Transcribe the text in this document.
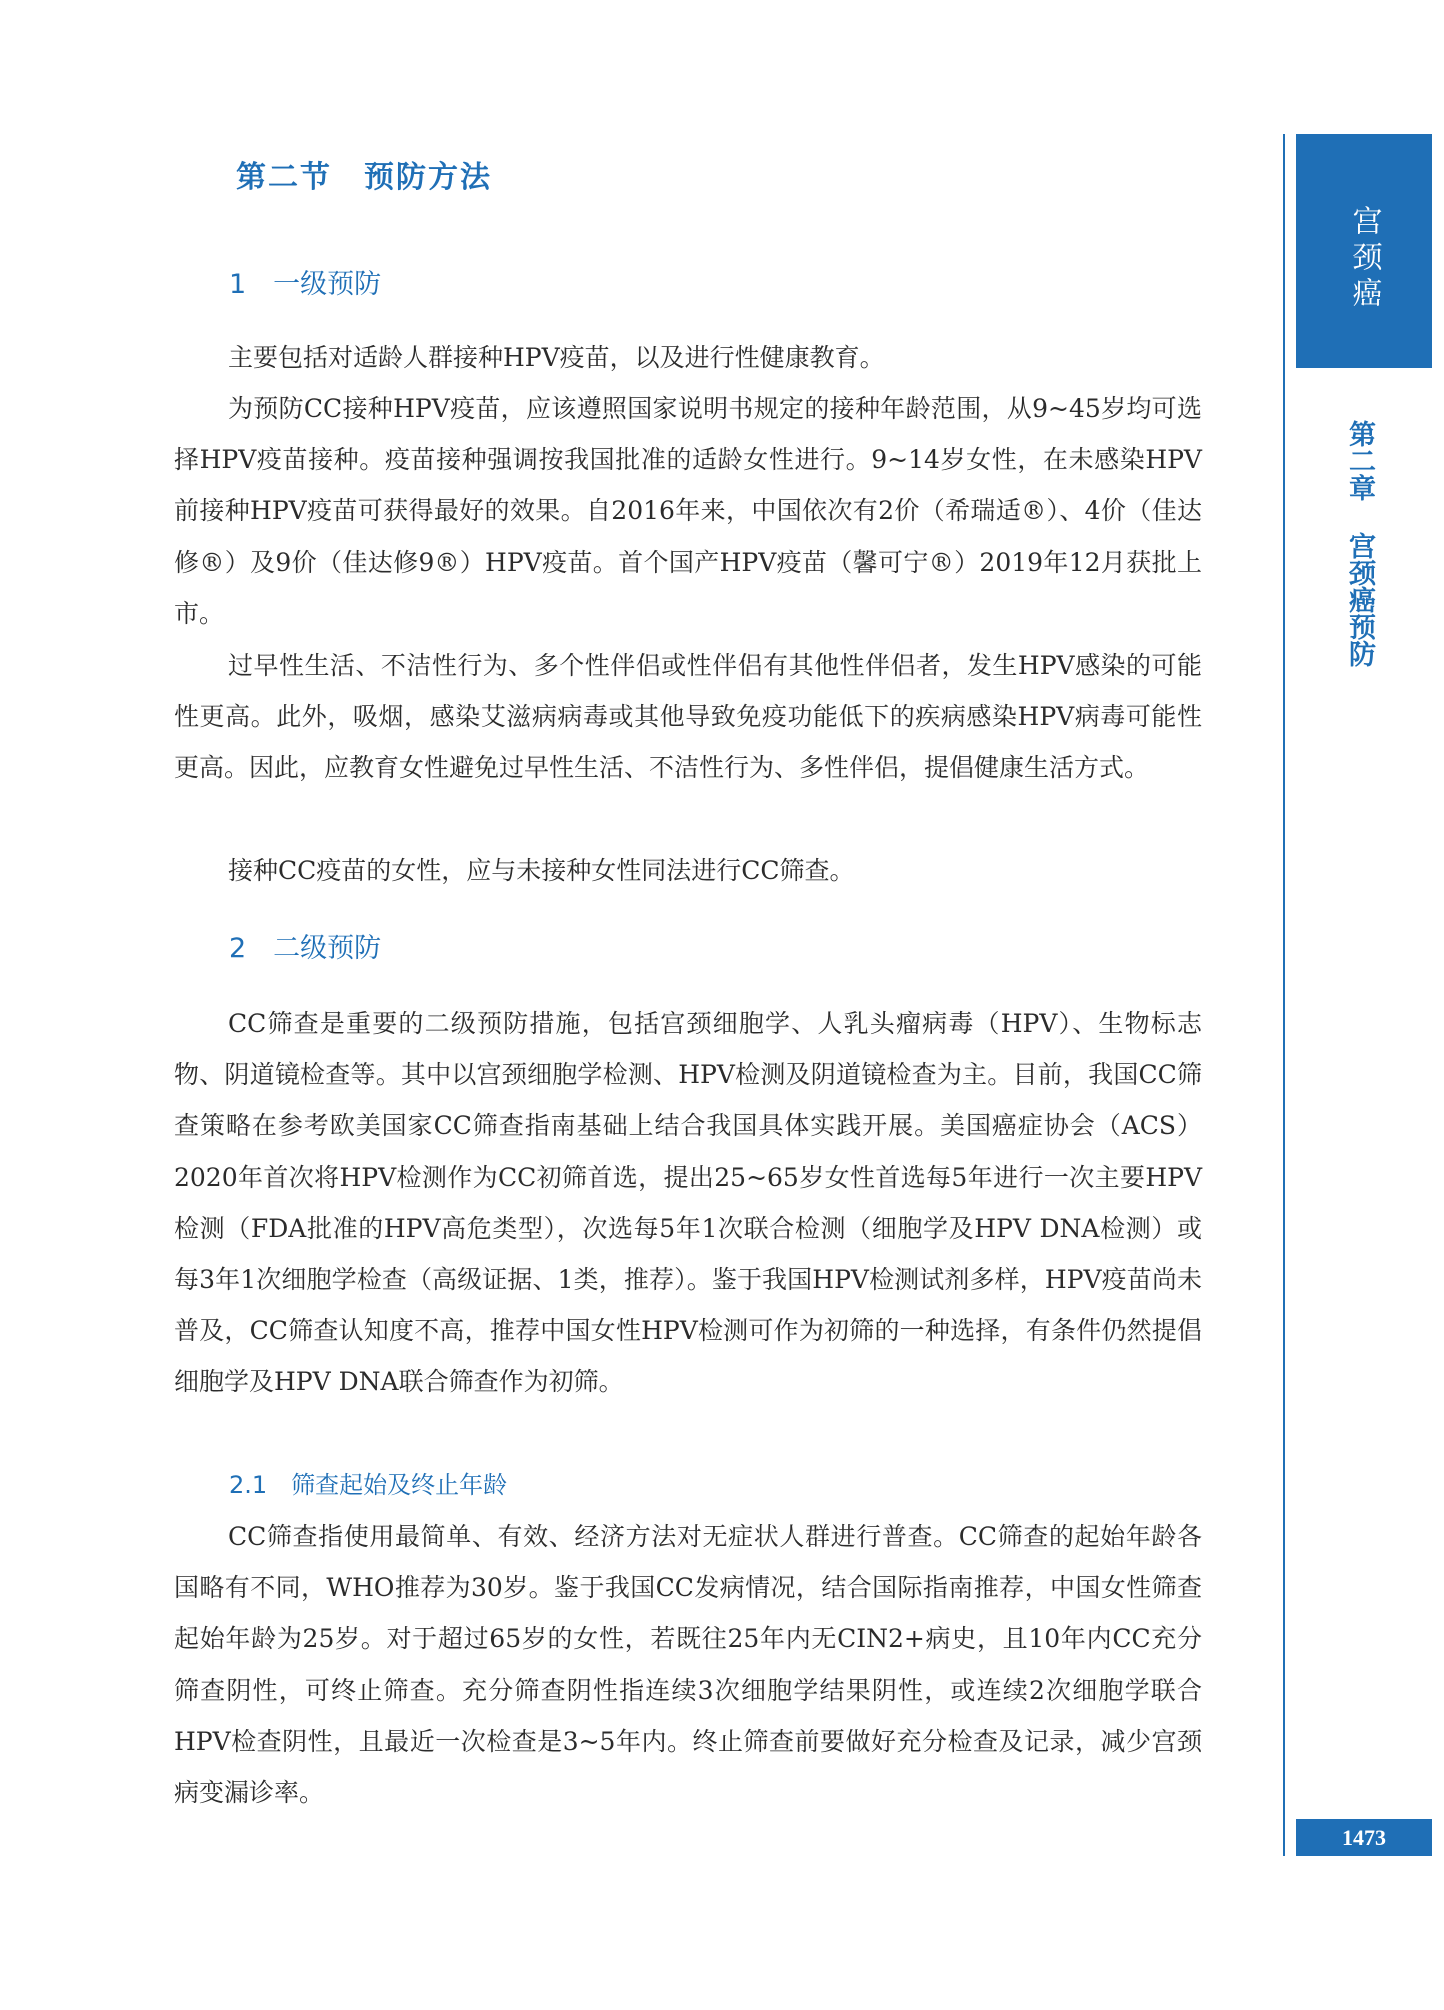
宫颈癌
第二章 宫颈癌预防
1473
第二节　预防方法
1　一级预防

主要包括对适龄人群接种HPV疫苗，以及进行性健康教育。

为预防CC接种HPV疫苗，应该遵照国家说明书规定的接种年龄范围，从9~45岁均可选择HPV疫苗接种。疫苗接种强调按我国批准的适龄女性进行。9~14岁女性，在未感染HPV前接种HPV疫苗可获得最好的效果。自2016年来，中国依次有2价（希瑞适®）、4价（佳达修®）及9价（佳达修9®）HPV疫苗。首个国产HPV疫苗（馨可宁®）2019年12月获批上市。

过早性生活、不洁性行为、多个性伴侣或性伴侣有其他性伴侣者，发生HPV感染的可能性更高。此外，吸烟，感染艾滋病病毒或其他导致免疫功能低下的疾病感染HPV病毒可能性更高。因此，应教育女性避免过早性生活、不洁性行为、多性伴侣，提倡健康生活方式。

接种CC疫苗的女性，应与未接种女性同法进行CC筛查。

2　二级预防

CC筛查是重要的二级预防措施，包括宫颈细胞学、人乳头瘤病毒（HPV）、生物标志物、阴道镜检查等。其中以宫颈细胞学检测、HPV检测及阴道镜检查为主。目前，我国CC筛查策略在参考欧美国家CC筛查指南基础上结合我国具体实践开展。美国癌症协会（ACS）2020年首次将HPV检测作为CC初筛首选，提出25~65岁女性首选每5年进行一次主要HPV检测（FDA批准的HPV高危类型），次选每5年1次联合检测（细胞学及HPV DNA检测）或每3年1次细胞学检查（高级证据、1类，推荐）。鉴于我国HPV检测试剂多样，HPV疫苗尚未普及，CC筛查认知度不高，推荐中国女性HPV检测可作为初筛的一种选择，有条件仍然提倡细胞学及HPV DNA联合筛查作为初筛。

2.1　筛查起始及终止年龄

CC筛查指使用最简单、有效、经济方法对无症状人群进行普查。CC筛查的起始年龄各国略有不同，WHO推荐为30岁。鉴于我国CC发病情况，结合国际指南推荐，中国女性筛查起始年龄为25岁。对于超过65岁的女性，若既往25年内无CIN2+病史，且10年内CC充分筛查阴性，可终止筛查。充分筛查阴性指连续3次细胞学结果阴性，或连续2次细胞学联合HPV检查阴性，且最近一次检查是3~5年内。终止筛查前要做好充分检查及记录，减少宫颈病变漏诊率。
